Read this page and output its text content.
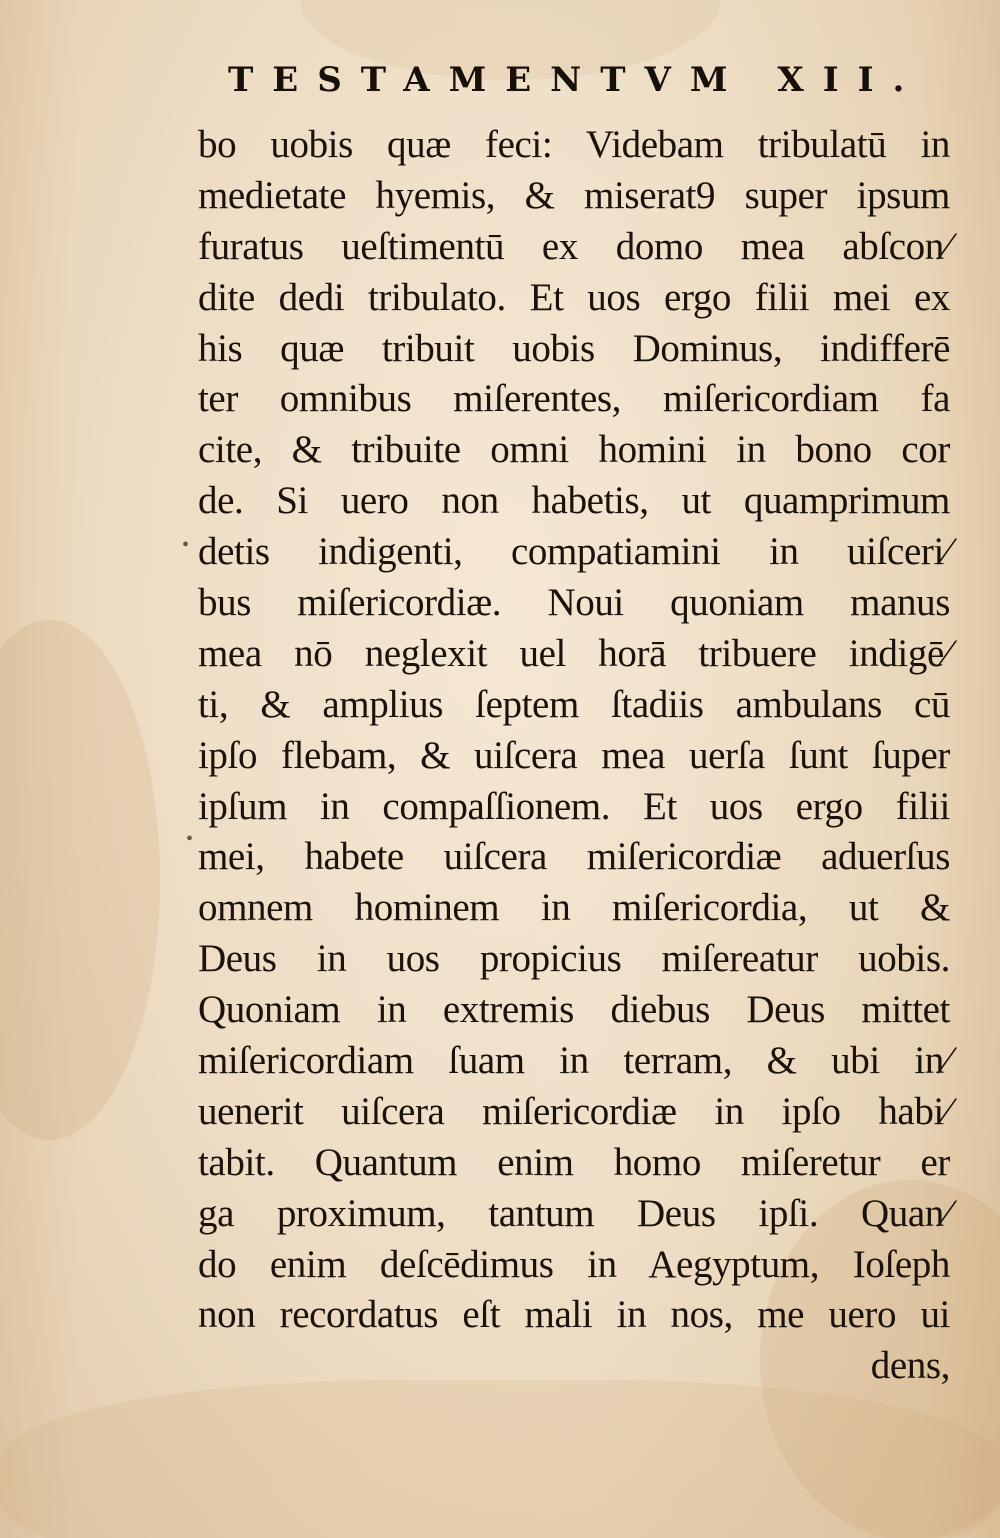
TESTAMENTVM XII.
•
•
bo uobis quæ feci: Videbam tribulatū in
medietate hyemis, & miserat9 super ipsum
furatus ueſtimentū ex domo mea abſcon⁄
dite dedi tribulato. Et uos ergo filii mei ex
his quæ tribuit uobis Dominus, indifferē
ter omnibus miſerentes, miſericordiam fa
cite, & tribuite omni homini in bono cor
de. Si uero non habetis, ut quamprimum
detis indigenti, compatiamini in uiſceri⁄
bus miſericordiæ. Noui quoniam manus
mea nō neglexit uel horā tribuere indigē⁄
ti, & amplius ſeptem ſtadiis ambulans cū
ipſo flebam, & uiſcera mea uerſa ſunt ſuper
ipſum in compaſſionem. Et uos ergo filii
mei, habete uiſcera miſericordiæ aduerſus
omnem hominem in miſericordia, ut &
Deus in uos propicius miſereatur uobis.
Quoniam in extremis diebus Deus mittet
miſericordiam ſuam in terram, & ubi in⁄
uenerit uiſcera miſericordiæ in ipſo habi⁄
tabit. Quantum enim homo miſeretur er
ga proximum, tantum Deus ipſi. Quan⁄
do enim deſcēdimus in Aegyptum, Ioſeph
non recordatus eſt mali in nos, me uero ui
dens,
